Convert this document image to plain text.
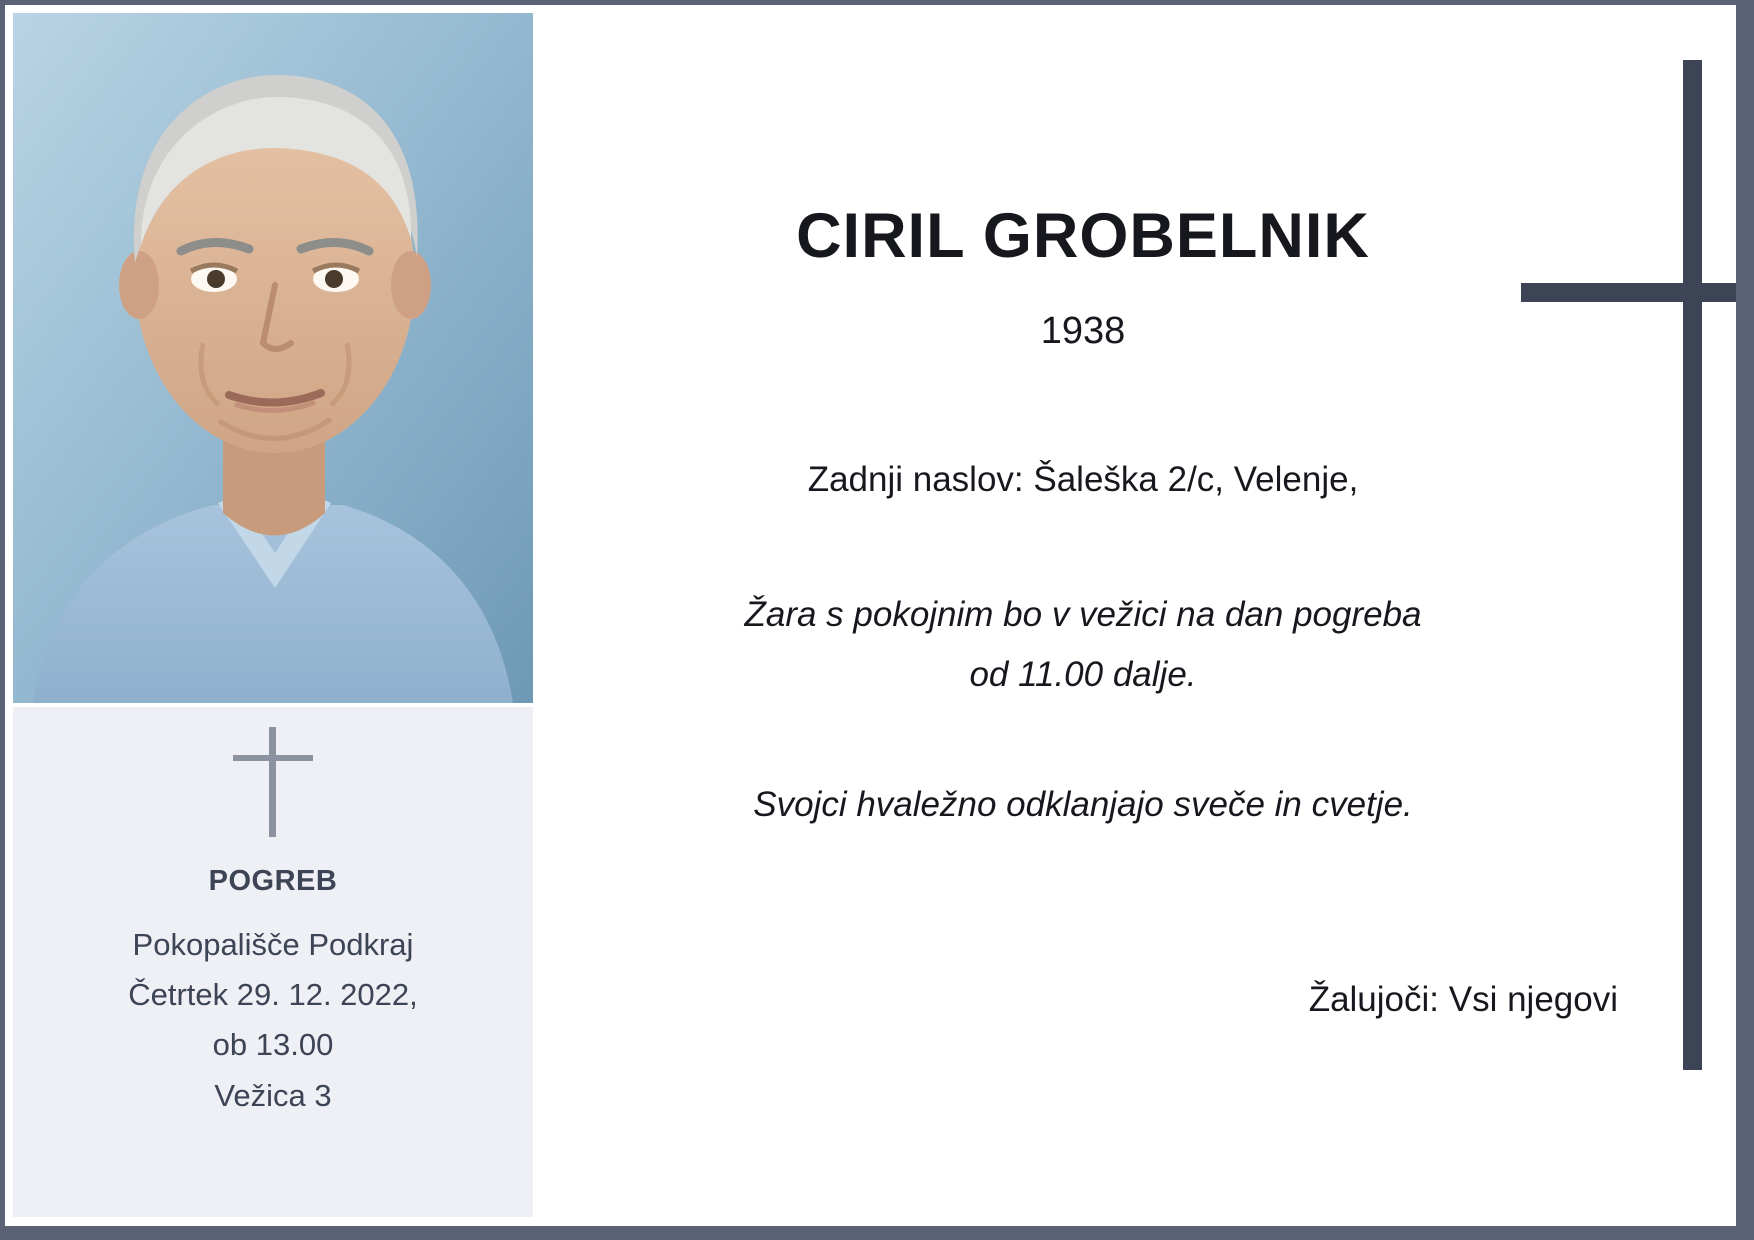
POGREB
Pokopališče Podkraj
Četrtek 29. 12. 2022,
ob 13.00
Vežica 3
CIRIL GROBELNIK
1938
Zadnji naslov: Šaleška 2/c, Velenje,
Žara s pokojnim bo v vežici na dan pogreba
od 11.00 dalje.
Svojci hvaležno odklanjajo sveče in cvetje.
Žalujoči: Vsi njegovi
